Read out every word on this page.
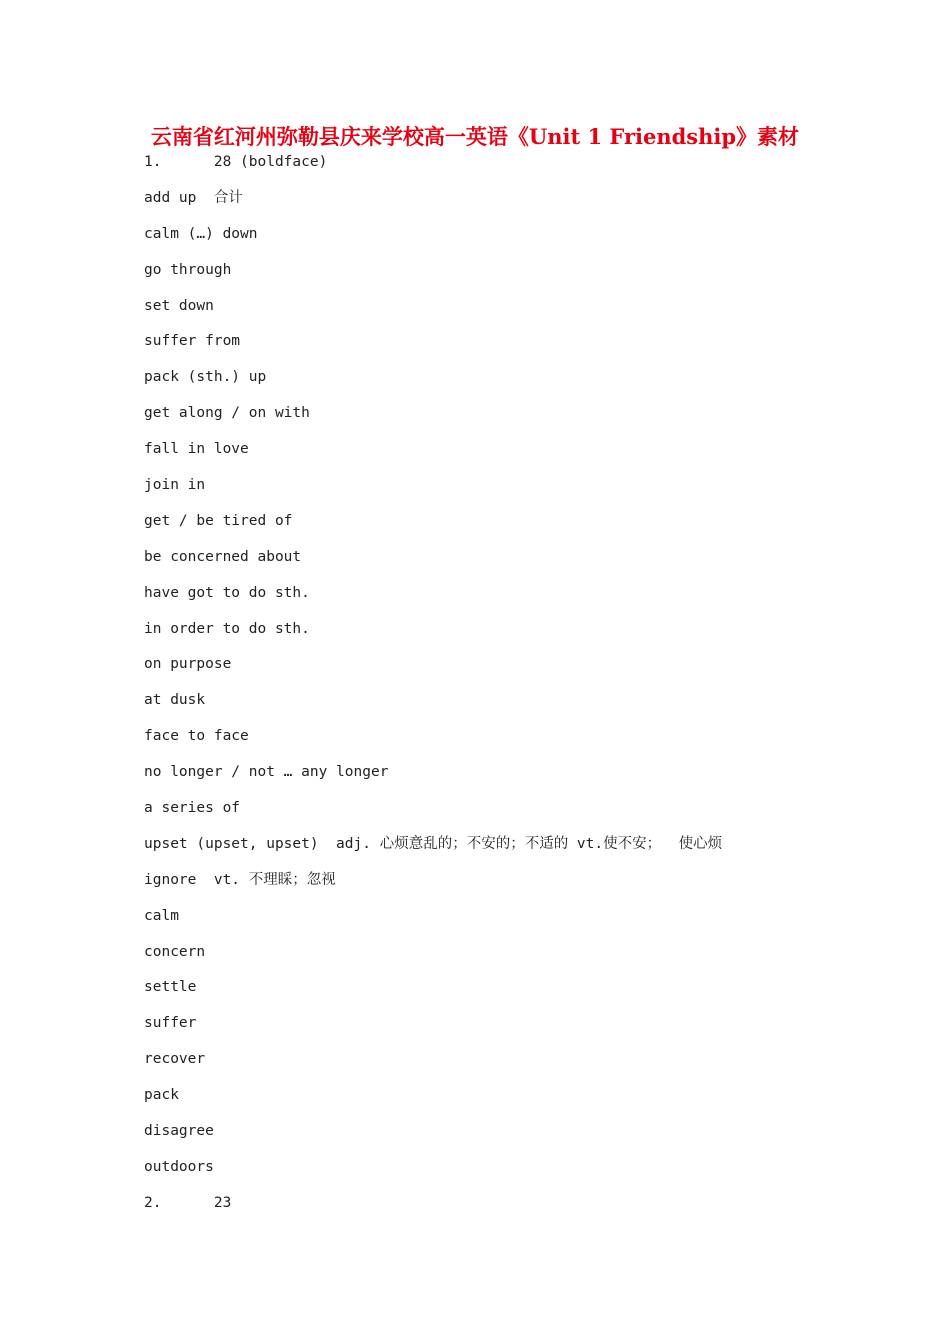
云南省红河州弥勒县庆来学校高一英语《Unit 1 Friendship》素材
1.      28 (boldface)
add up  合计
calm (…) down
go through
set down
suffer from
pack (sth.) up
get along / on with
fall in love
join in
get / be tired of
be concerned about
have got to do sth.
in order to do sth.
on purpose
at dusk
face to face
no longer / not … any longer
a series of
upset (upset, upset)  adj. 心烦意乱的；不安的；不适的 vt.使不安；  使心烦
ignore  vt. 不理睬；忽视
calm
concern
settle
suffer
recover
pack
disagree
outdoors
2.      23
